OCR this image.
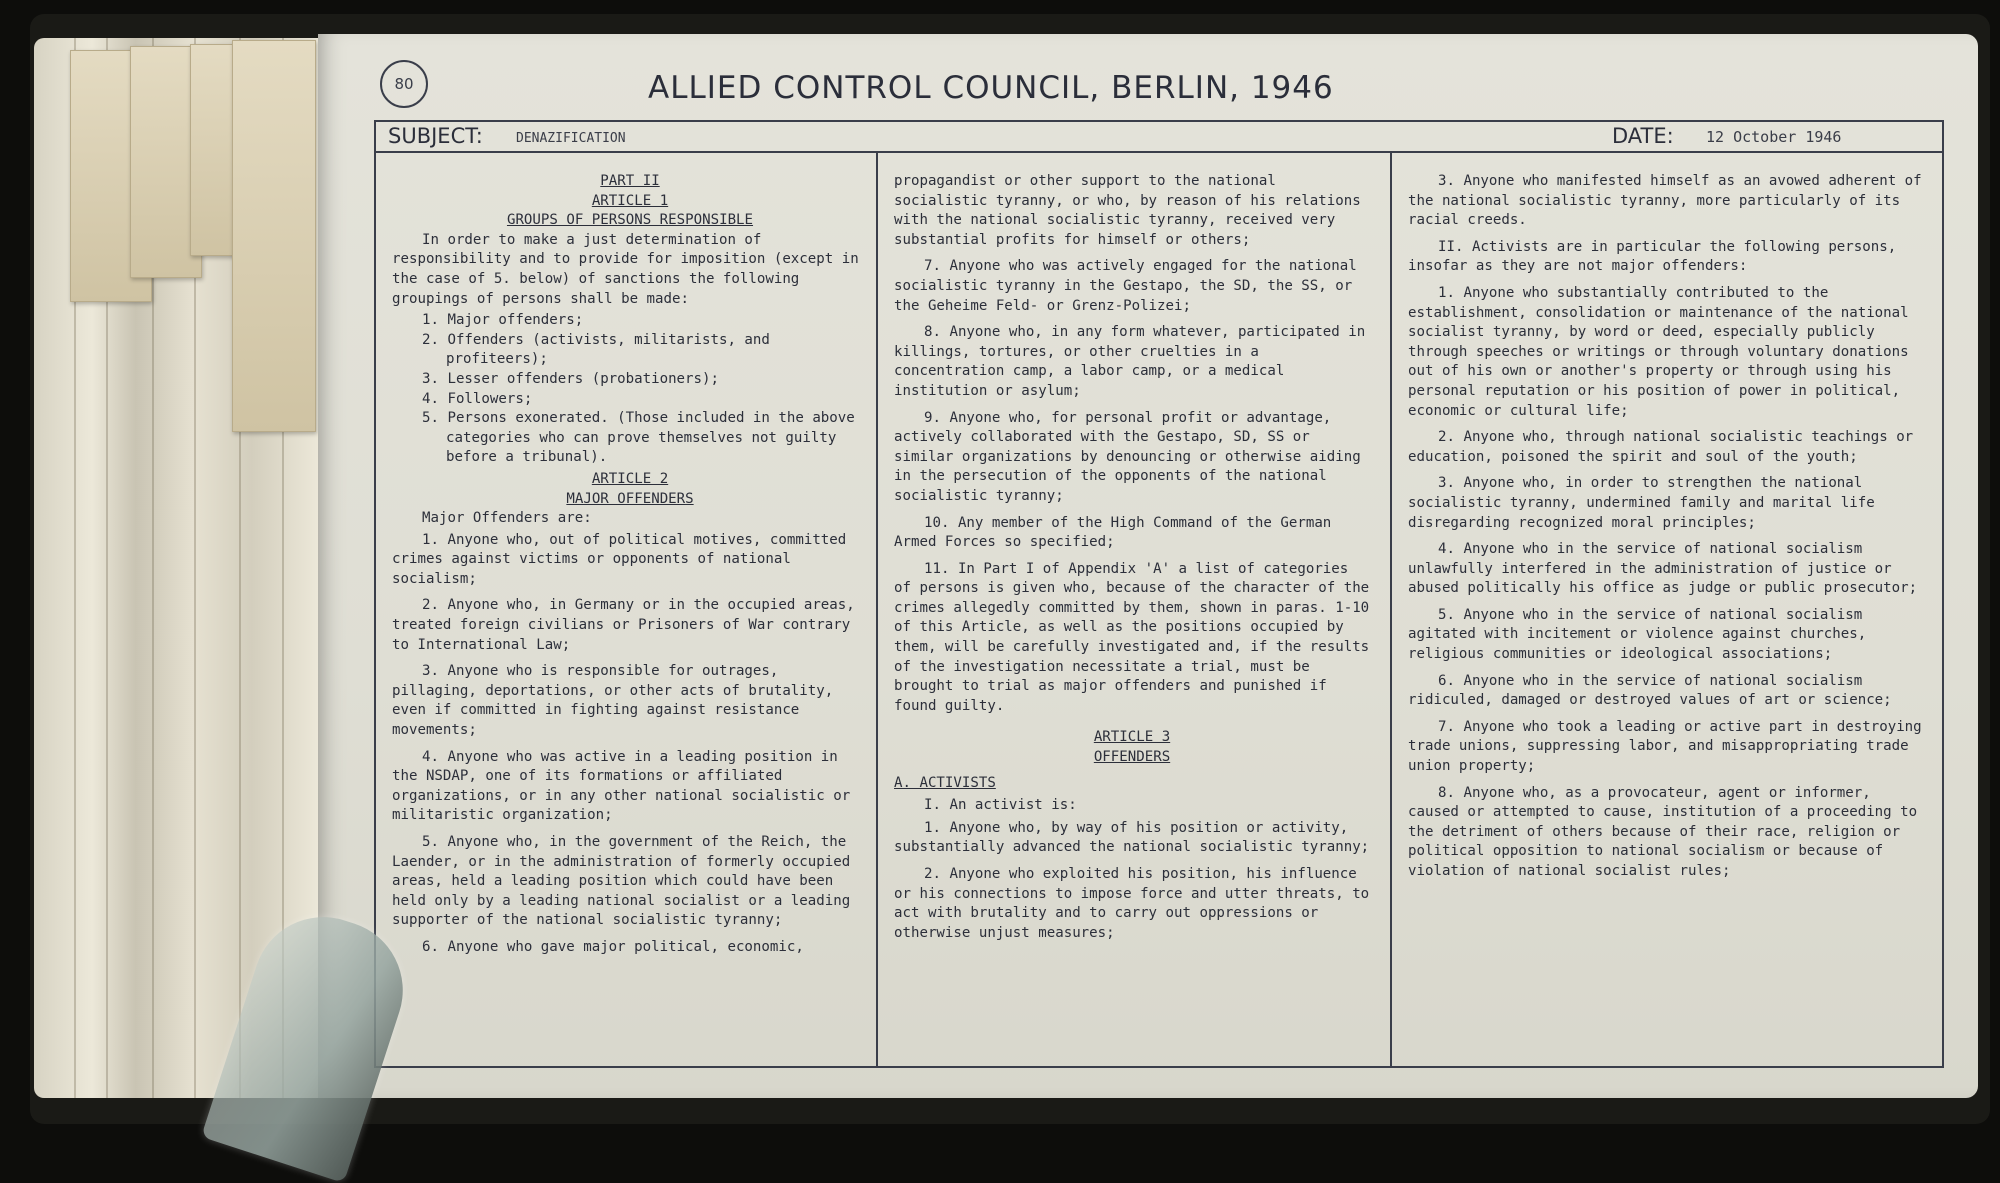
80	ALLIED CONTROL COUNCIL, BERLIN, 1946
SUBJECT:	DENAZIFICATION	DATE: 12 October 1946
PART II
ARTICLE 1
GROUPS OF PERSONS RESPONSIBLE

In order to make a just determination of responsibility and to provide for imposition (except in the case of 5. below) of sanctions the following groupings of persons shall be made:

1. Major offenders;
2. Offenders (activists, militarists, and profiteers);
3. Lesser offenders (probationers);
4. Followers;
5. Persons exonerated. (Those included in the above categories who can prove themselves not guilty before a tribunal).
ARTICLE 2
MAJOR OFFENDERS

Major Offenders are:

1. Anyone who, out of political motives, committed crimes against victims or opponents of national socialism;

2. Anyone who, in Germany or in the occupied areas, treated foreign civilians or Prisoners of War contrary to International Law;

3. Anyone who is responsible for outrages, pillaging, deportations, or other acts of brutality, even if committed in fighting against resistance movements;

4. Anyone who was active in a leading position in the NSDAP, one of its formations or affiliated organizations, or in any other national socialistic or militaristic organization;

5. Anyone who, in the government of the Reich, the Laender, or in the administration of formerly occupied areas, held a leading position which could have been held only by a leading national socialist or a leading supporter of the national socialistic tyranny;

6. Anyone who gave major political, economic,

propagandist or other support to the national socialistic tyranny, or who, by reason of his relations with the national socialistic tyranny, received very substantial profits for himself or others;

7. Anyone who was actively engaged for the national socialistic tyranny in the Gestapo, the SD, the SS, or the Geheime Feld- or Grenz-Polizei;

8. Anyone who, in any form whatever, participated in killings, tortures, or other cruelties in a concentration camp, a labor camp, or a medical institution or asylum;

9. Anyone who, for personal profit or advantage, actively collaborated with the Gestapo, SD, SS or similar organizations by denouncing or otherwise aiding in the persecution of the opponents of the national socialistic tyranny;

10. Any member of the High Command of the German Armed Forces so specified;

11. In Part I of Appendix 'A' a list of categories of persons is given who, because of the character of the crimes allegedly committed by them, shown in paras. 1-10 of this Article, as well as the positions occupied by them, will be carefully investigated and, if the results of the investigation necessitate a trial, must be brought to trial as major offenders and punished if found guilty.

ARTICLE 3
OFFENDERS
A. ACTIVISTS

I. An activist is:

1. Anyone who, by way of his position or activity, substantially advanced the national socialistic tyranny;

2. Anyone who exploited his position, his influence or his connections to impose force and utter threats, to act with brutality and to carry out oppressions or otherwise unjust measures;

3. Anyone who manifested himself as an avowed adherent of the national socialistic tyranny, more particularly of its racial creeds.

II. Activists are in particular the following persons, insofar as they are not major offenders:

1. Anyone who substantially contributed to the establishment, consolidation or maintenance of the national socialist tyranny, by word or deed, especially publicly through speeches or writings or through voluntary donations out of his own or another's property or through using his personal reputation or his position of power in political, economic or cultural life;

2. Anyone who, through national socialistic teachings or education, poisoned the spirit and soul of the youth;

3. Anyone who, in order to strengthen the national socialistic tyranny, undermined family and marital life disregarding recognized moral principles;

4. Anyone who in the service of national socialism unlawfully interfered in the administration of justice or abused politically his office as judge or public prosecutor;

5. Anyone who in the service of national socialism agitated with incitement or violence against churches, religious communities or ideological associations;

6. Anyone who in the service of national socialism ridiculed, damaged or destroyed values of art or science;

7. Anyone who took a leading or active part in destroying trade unions, suppressing labor, and misappropriating trade union property;

8. Anyone who, as a provocateur, agent or informer, caused or attempted to cause, institution of a proceeding to the detriment of others because of their race, religion or political opposition to national socialism or because of violation of national socialist rules;
